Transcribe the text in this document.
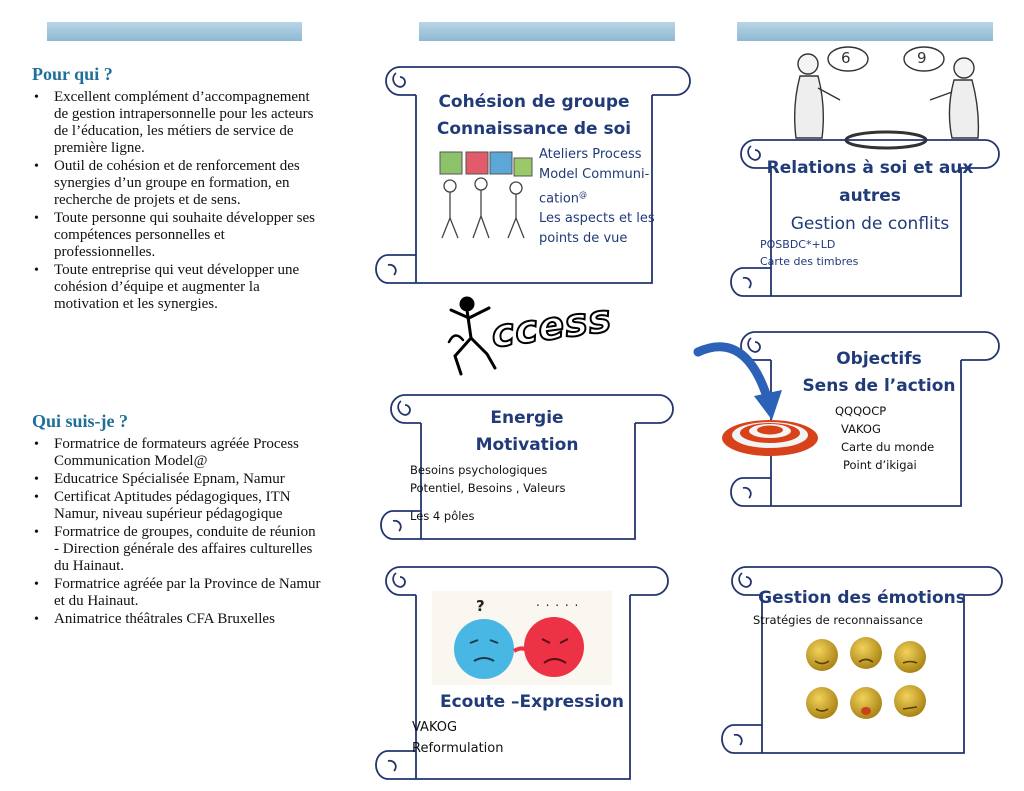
Pour qui ?
• Excellent complément d’accompagnement de gestion intrapersonnelle pour les acteurs de l’éducation, les métiers de service de première ligne.
• Outil de cohésion et de renforcement des synergies d’un groupe en formation, en recherche de projets et de sens.
• Toute personne qui souhaite développer ses compétences personnelles et professionnelles.
• Toute entreprise qui veut développer une cohésion d’équipe et augmenter la motivation et les synergies.
Qui suis-je ?
• Formatrice de formateurs agréée Process Communication Model@
• Educatrice Spécialisée Epnam, Namur
• Certificat Aptitudes pédagogiques, ITN Namur, niveau supérieur pédagogique
• Formatrice de groupes, conduite de réunion - Direction générale des affaires culturelles du Hainaut.
• Formatrice agréée par la Province de Namur et du Hainaut.
• Animatrice théâtrales CFA Bruxelles
Cohésion de groupe
Connaissance de soi
Ateliers Process
Model Communi-
cation@
Les aspects et les
points de vue
ccess
Energie
Motivation
Besoins psychologiques
Potentiel, Besoins , Valeurs
Les 4 pôles
?	. . . . .
Ecoute –Expression
VAKOG
Reformulation
6	9
Relations à soi et aux
autres
Gestion de conflits
POSBDC*+LD
Carte des timbres
Objectifs
Sens de l’action
QQQOCP
VAKOG
Carte du monde
Point d’ikigai
Gestion des émotions
Stratégies de reconnaissance
